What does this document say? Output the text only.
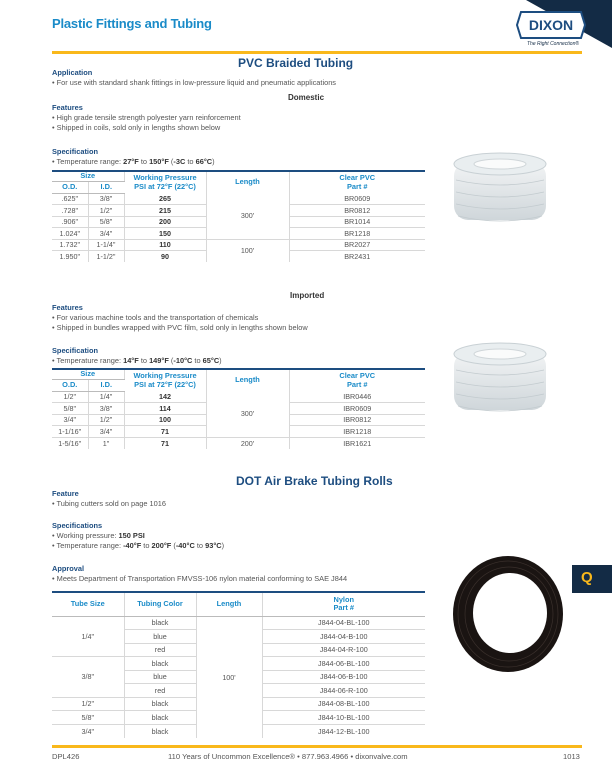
Plastic Fittings and Tubing	DIXON
The Right Connection®
PVC Braided Tubing
Application
• For use with standard shank fittings in low-pressure liquid and pneumatic applications
Domestic
Features
• High grade tensile strength polyester yarn reinforcement
• Shipped in coils, sold only in lengths shown below
Specification
• Temperature range: 27°F to 150°F (-3C to 66°C)
Size		Working Pressure
PSI at 72°F (22°C)	Length	Clear PVC
Part #
O.D.	I.D.			
.625"	3/8"	265	300'	BR0609
.728"	1/2"	215		BR0812
.906"	5/8"	200		BR1014
1.024"	3/4"	150		BR1218
1.732"	1-1/4"	110	100'	BR2027
1.950"	1-1/2"	90		BR2431
Imported
Features
• For various machine tools and the transportation of chemicals
• Shipped in bundles wrapped with PVC film, sold only in lengths shown below
Specification
• Temperature range: 14°F to 149°F (-10°C to 65°C)
Size		Working Pressure
PSI at 72°F (22°C)	Length	Clear PVC
Part #
O.D.	I.D.			
1/2"	1/4"	142	300'	IBR0446
5/8"	3/8"	114		IBR0609
3/4"	1/2"	100		IBR0812
1-1/16"	3/4"	71		IBR1218
1-5/16"	1"	71	200'	IBR1621
DOT Air Brake Tubing Rolls
Feature
• Tubing cutters sold on page 1016
Specifications
• Working pressure: 150 PSI
• Temperature range: -40°F to 200°F (-40°C to 93°C)
Approval
• Meets Department of Transportation FMVSS-106 nylon material conforming to SAE J844
Tube Size	Tubing Color	Length	Nylon
Part #
1/4"	black	100'	J844-04-BL-100
	blue		J844-04-B-100
	red		J844-04-R-100
3/8"	black		J844-06-BL-100
	blue		J844-06-B-100
	red		J844-06-R-100
1/2"	black		J844-08-BL-100
5/8"	black		J844-10-BL-100
3/4"	black		J844-12-BL-100
Q
DPL426	110 Years of Uncommon Excellence® • 877.963.4966 • dixonvalve.com	1013
